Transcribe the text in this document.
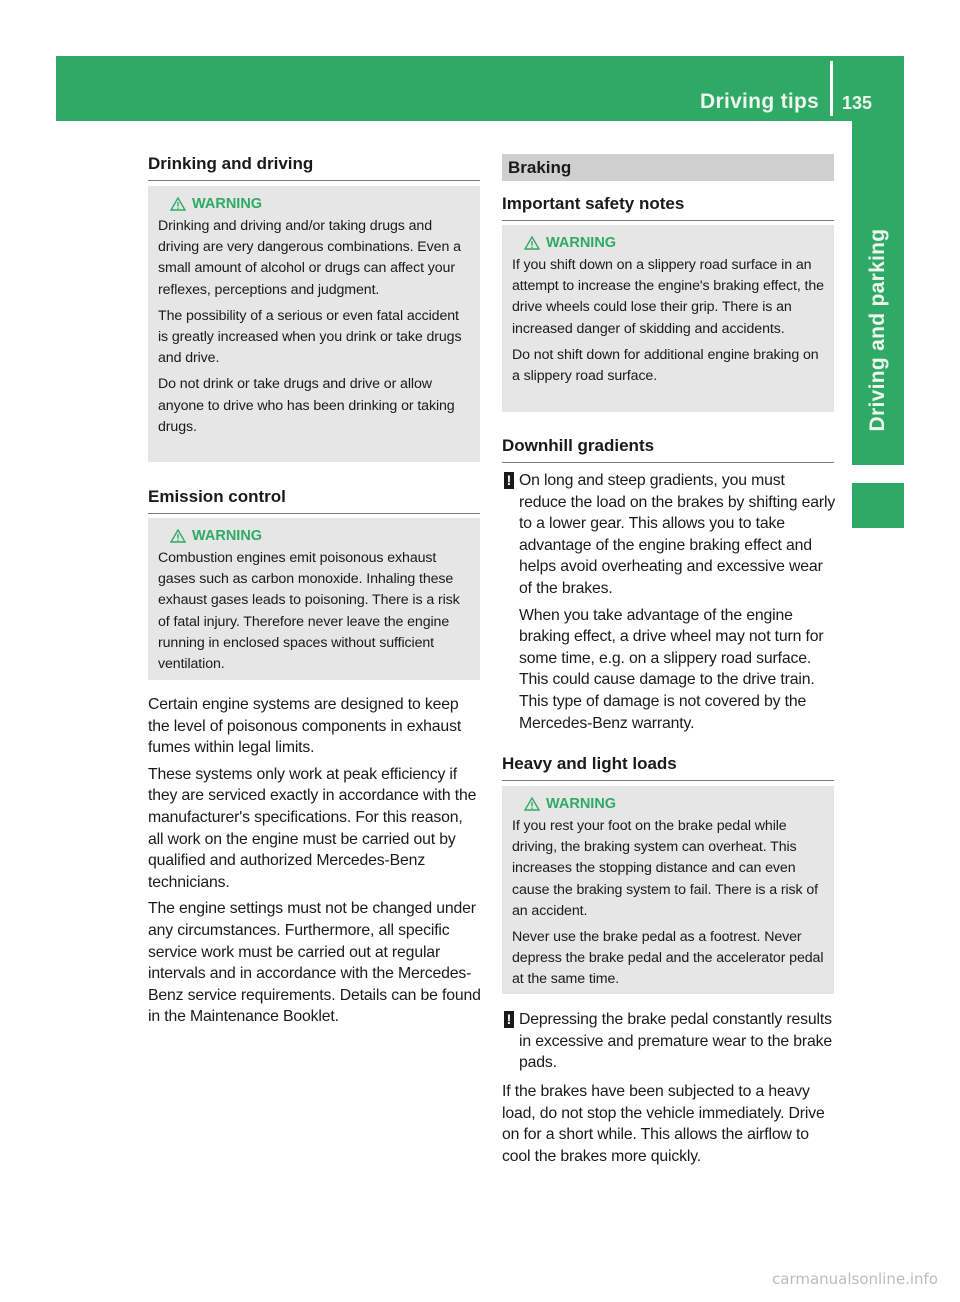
Driving tips 135
Driving and parking
Drinking and driving
WARNING

Drinking and driving and/or taking drugs and driving are very dangerous combinations. Even a small amount of alcohol or drugs can affect your reflexes, perceptions and judgment.

The possibility of a serious or even fatal accident is greatly increased when you drink or take drugs and drive.

Do not drink or take drugs and drive or allow anyone to drive who has been drinking or taking drugs.

Emission control
WARNING

Combustion engines emit poisonous exhaust gases such as carbon monoxide. Inhaling these exhaust gases leads to poisoning. There is a risk of fatal injury. Therefore never leave the engine running in enclosed spaces without sufficient ventilation.

Certain engine systems are designed to keep the level of poisonous components in exhaust fumes within legal limits.

These systems only work at peak efficiency if they are serviced exactly in accordance with the manufacturer's specifications. For this reason, all work on the engine must be carried out by qualified and authorized Mercedes-Benz technicians.

The engine settings must not be changed under any circumstances. Furthermore, all specific service work must be carried out at regular intervals and in accordance with the Mercedes-Benz service requirements. Details can be found in the Maintenance Booklet.

Braking
Important safety notes
WARNING

If you shift down on a slippery road surface in an attempt to increase the engine's braking effect, the drive wheels could lose their grip. There is an increased danger of skidding and accidents.

Do not shift down for additional engine braking on a slippery road surface.

Downhill gradients
! On long and steep gradients, you must reduce the load on the brakes by shifting early to a lower gear. This allows you to take advantage of the engine braking effect and helps avoid overheating and excessive wear of the brakes.

When you take advantage of the engine braking effect, a drive wheel may not turn for some time, e.g. on a slippery road surface. This could cause damage to the drive train. This type of damage is not covered by the Mercedes-Benz warranty.

Heavy and light loads
WARNING

If you rest your foot on the brake pedal while driving, the braking system can overheat. This increases the stopping distance and can even cause the braking system to fail. There is a risk of an accident.

Never use the brake pedal as a footrest. Never depress the brake pedal and the accelerator pedal at the same time.

! Depressing the brake pedal constantly results in excessive and premature wear to the brake pads.

If the brakes have been subjected to a heavy load, do not stop the vehicle immediately. Drive on for a short while. This allows the airflow to cool the brakes more quickly.

carmanualsonline.info
